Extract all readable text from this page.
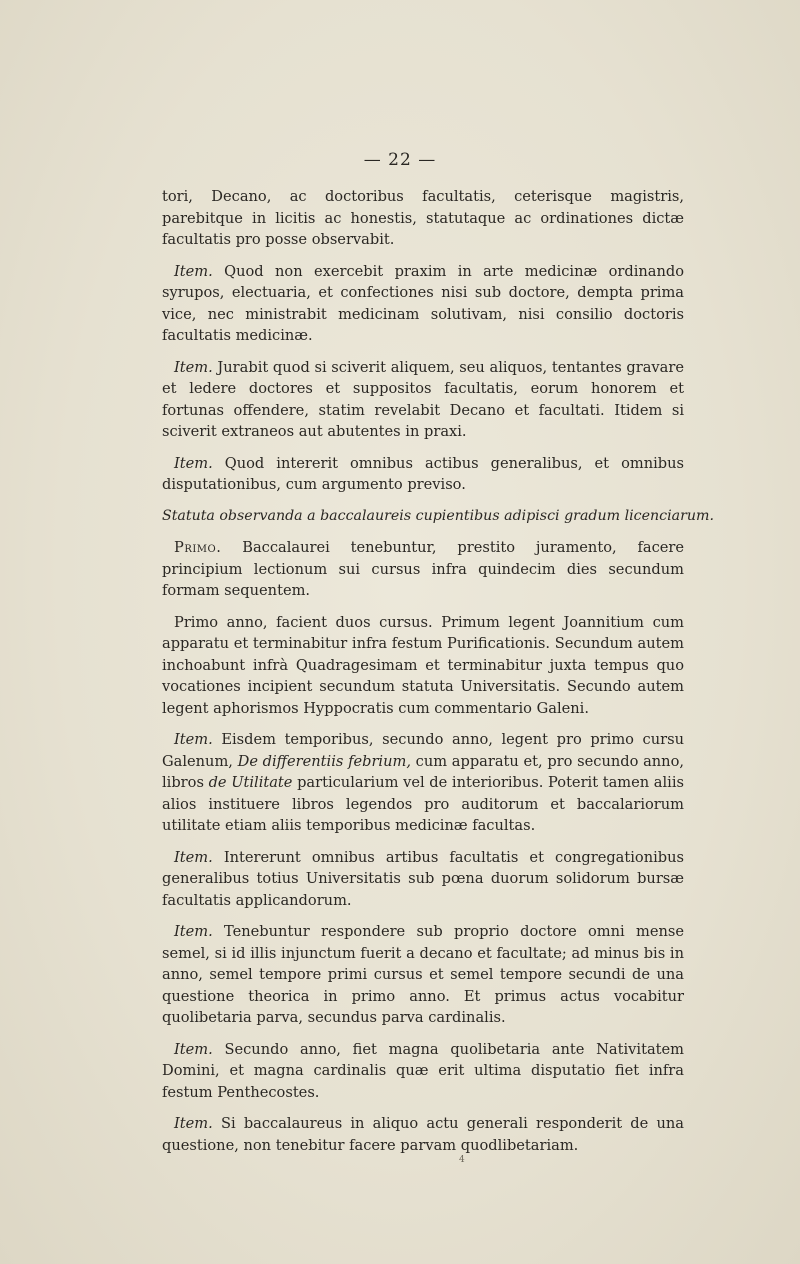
— 22 —

tori, Decano, ac doctoribus facultatis, ceterisque magistris, parebitque in licitis ac honestis, statutaque ac ordinationes dictæ facultatis pro posse observabit.

Item. Quod non exercebit praxim in arte medicinæ ordinando syrupos, electuaria, et confectiones nisi sub doctore, dempta prima vice, nec ministrabit medicinam solutivam, nisi consilio doctoris facultatis medicinæ.

Item. Jurabit quod si sciverit aliquem, seu aliquos, tentantes gravare et ledere doctores et suppositos facultatis, eorum honorem et fortunas offendere, statim revelabit Decano et facultati. Itidem si sciverit extraneos aut abutentes in praxi.

Item. Quod intererit omnibus actibus generalibus, et omnibus disputationibus, cum argumento previso.

Statuta observanda a baccalaureis cupientibus adipisci gradum licenciarum.

Primo. Baccalaurei tenebuntur, prestito juramento, facere principium lectionum sui cursus infra quindecim dies secundum formam sequentem.

Primo anno, facient duos cursus. Primum legent Joannitium cum apparatu et terminabitur infra festum Purificationis. Secundum autem inchoabunt infrà Quadragesimam et terminabitur juxta tempus quo vocationes incipient secundum statuta Universitatis. Secundo autem legent aphorismos Hyppocratis cum commentario Galeni.

Item. Eisdem temporibus, secundo anno, legent pro primo cursu Galenum, De differentiis febrium, cum apparatu et, pro secundo anno, libros de Utilitate particularium vel de interioribus. Poterit tamen aliis alios instituere libros legendos pro auditorum et baccalariorum utilitate etiam aliis temporibus medicinæ facultas.

Item. Intererunt omnibus artibus facultatis et congregationibus generalibus totius Universitatis sub pœna duorum solidorum bursæ facultatis applicandorum.

Item. Tenebuntur respondere sub proprio doctore omni mense semel, si id illis injunctum fuerit a decano et facultate; ad minus bis in anno, semel tempore primi cursus et semel tempore secundi de una questione theorica in primo anno. Et primus actus vocabitur quolibetaria parva, secundus parva cardinalis.

Item. Secundo anno, fiet magna quolibetaria ante Nativitatem Domini, et magna cardinalis quæ erit ultima disputatio fiet infra festum Penthecostes.

Item. Si baccalaureus in aliquo actu generali responderit de una questione, non tenebitur facere parvam quodlibetariam.

4
